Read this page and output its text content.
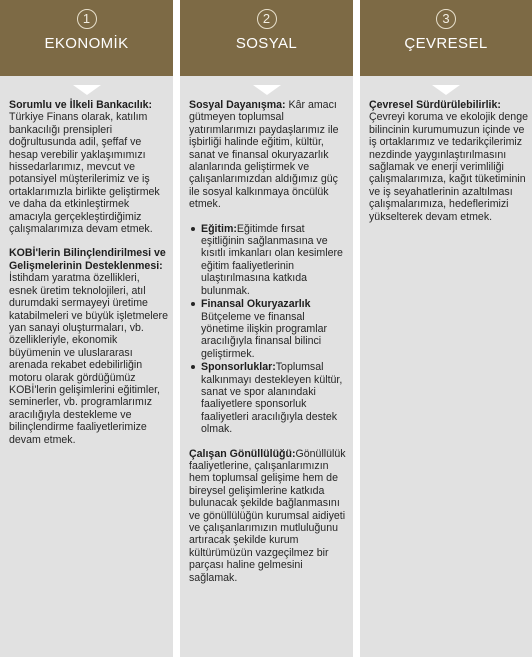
1
EKONOMİK
Sorumlu ve İlkeli Bankacılık:
Türkiye Finans olarak, katılım bankacılığı prensipleri doğrultusunda adil, şeffaf ve hesap verebilir yaklaşımımızı hissedarlarımız, mevcut ve potansiyel müşterilerimiz ve iş ortaklarımızla birlikte geliştirmek ve daha da etkinleştirmek amacıyla gerçekleştirdiğimiz çalışmalarımıza devam etmek.
KOBİ'lerin Bilinçlendirilmesi ve Gelişmelerinin Desteklenmesi:
İstihdam yaratma özellikleri, esnek üretim teknolojileri, atıl durumdaki sermayeyi üretime katabilmeleri ve büyük işletmelere yan sanayi oluşturmaları, vb. özellikleriyle, ekonomik büyümenin ve uluslararası arenada rekabet edebilirliğin motoru olarak gördüğümüz KOBİ'lerin gelişimlerini eğitimler, seminerler, vb. programlarımız aracılığıyla destekleme ve bilinçlendirme faaliyetlerimize devam etmek.
2
SOSYAL
Sosyal Dayanışma: Kâr amacı gütmeyen toplumsal yatırımlarımızı paydaşlarımız ile işbirliği halinde eğitim, kültür, sanat ve finansal okuryazarlık alanlarında geliştirmek ve çalışanlarımızdan aldığımız güç ile sosyal kalkınmaya öncülük etmek.
Eğitim:Eğitimde fırsat eşitliğinin sağlanmasına ve kısıtlı imkanları olan kesimlere eğitim faaliyetlerinin ulaştırılmasına katkıda bulunmak.
Finansal Okuryazarlık
Bütçeleme ve finansal yönetime ilişkin programlar aracılığıyla finansal bilinci geliştirmek.
Sponsorluklar:Toplumsal kalkınmayı destekleyen kültür, sanat ve spor alanındaki faaliyetlere sponsorluk faaliyetleri aracılığıyla destek olmak.
Çalışan Gönüllülüğü:Gönüllülük faaliyetlerine, çalışanlarımızın hem toplumsal gelişime hem de bireysel gelişimlerine katkıda bulunacak şekilde bağlanmasını ve gönüllülüğün kurumsal aidiyeti ve çalışanlarımızın mutluluğunu artıracak şekilde kurum kültürümüzün vazgeçilmez bir parçası haline gelmesini sağlamak.
3
ÇEVRESEL
Çevresel Sürdürülebilirlik:
Çevreyi koruma ve ekolojik denge bilincinin kurumumuzun içinde ve iş ortaklarımız ve tedarikçilerimiz nezdinde yaygınlaştırılmasını sağlamak ve enerji verimliliği çalışmalarımıza, kağıt tüketiminin ve iş seyahatlerinin azaltılması çalışmalarımıza, hedeflerimizi yükselterek devam etmek.
